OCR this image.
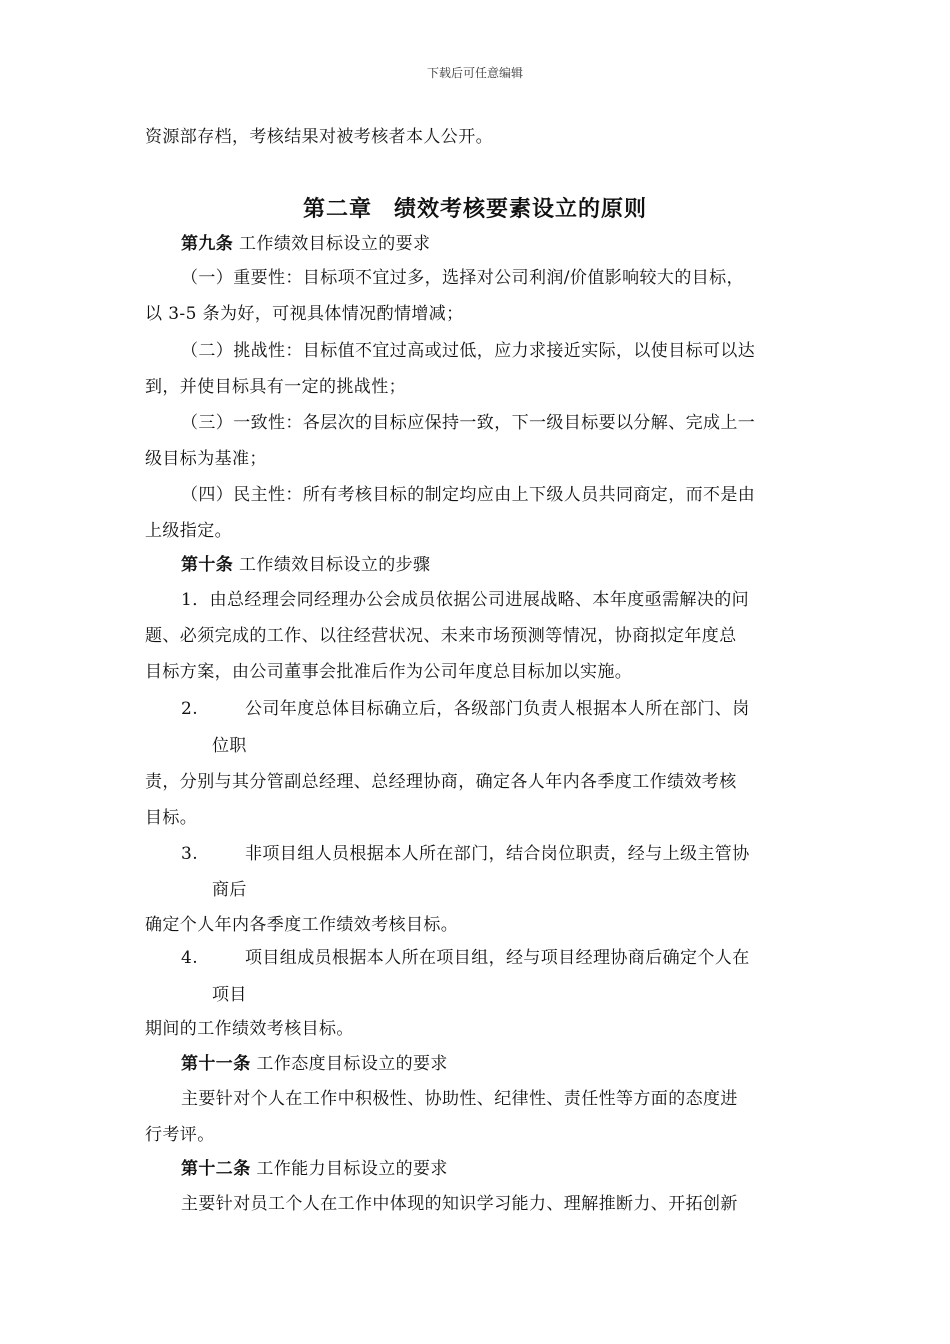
下载后可任意编辑
资源部存档，考核结果对被考核者本人公开。
第二章 绩效考核要素设立的原则
第九条 工作绩效目标设立的要求
（一）重要性：目标项不宜过多，选择对公司利润/价值影响较大的目标，
以 3-5 条为好，可视具体情况酌情增减；
（二）挑战性：目标值不宜过高或过低，应力求接近实际，以使目标可以达
到，并使目标具有一定的挑战性；
（三）一致性：各层次的目标应保持一致，下一级目标要以分解、完成上一
级目标为基准；
（四）民主性：所有考核目标的制定均应由上下级人员共同商定，而不是由
上级指定。
第十条 工作绩效目标设立的步骤
1．由总经理会同经理办公会成员依据公司进展战略、本年度亟需解决的问
题、必须完成的工作、以往经营状况、未来市场预测等情况，协商拟定年度总
目标方案，由公司董事会批准后作为公司年度总目标加以实施。
2.	公司年度总体目标确立后，各级部门负责人根据本人所在部门、岗
位职
责，分别与其分管副总经理、总经理协商，确定各人年内各季度工作绩效考核
目标。
3.	非项目组人员根据本人所在部门，结合岗位职责，经与上级主管协
商后
确定个人年内各季度工作绩效考核目标。
4.	项目组成员根据本人所在项目组，经与项目经理协商后确定个人在
项目
期间的工作绩效考核目标。
第十一条 工作态度目标设立的要求
主要针对个人在工作中积极性、协助性、纪律性、责任性等方面的态度进
行考评。
第十二条 工作能力目标设立的要求
主要针对员工个人在工作中体现的知识学习能力、理解推断力、开拓创新
